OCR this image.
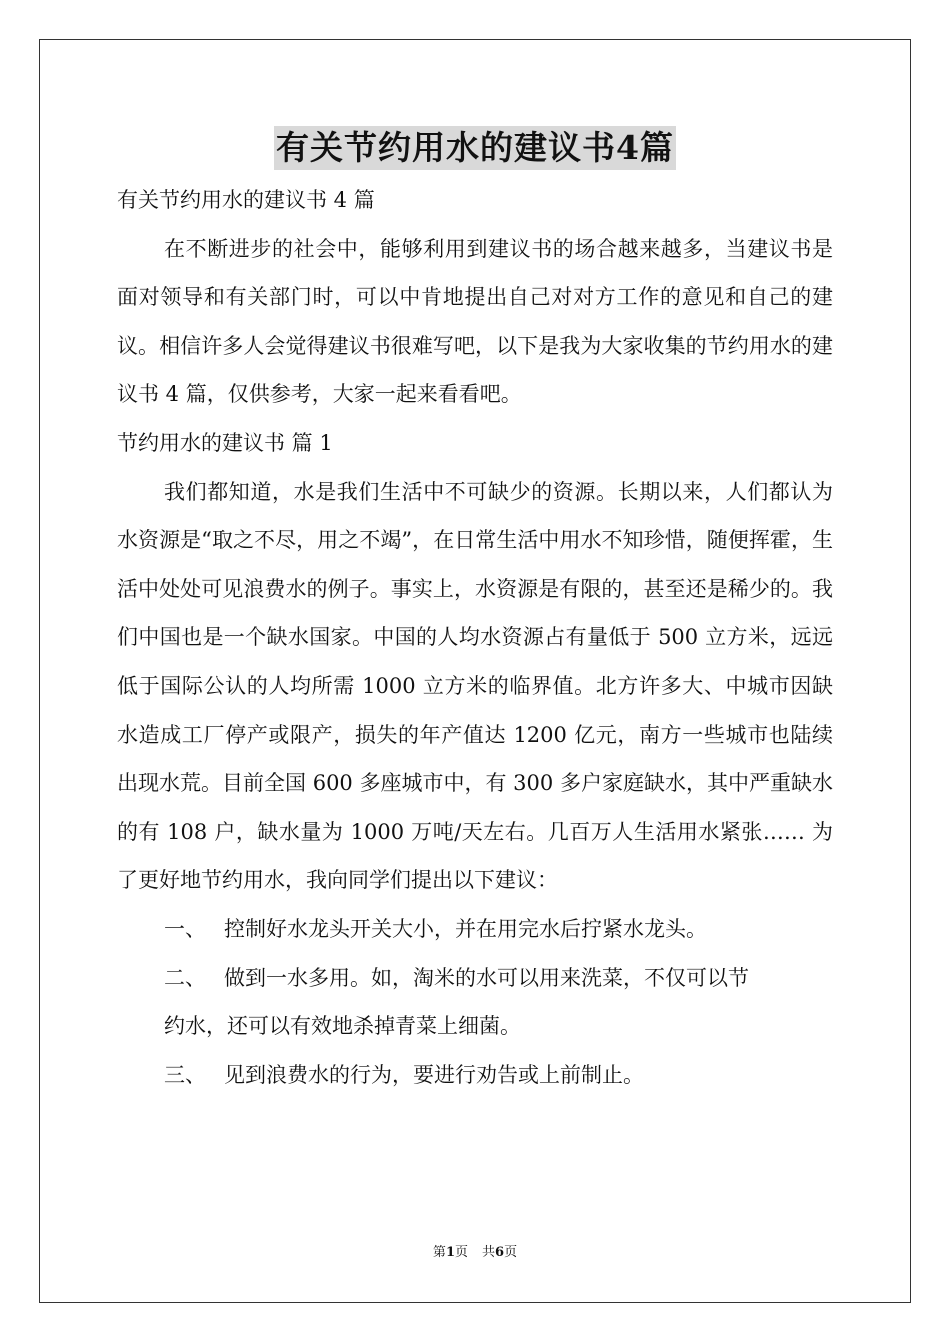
有关节约用水的建议书4篇

有关节约用水的建议书 4 篇

在不断进步的社会中，能够利用到建议书的场合越来越多，当建议书是面对领导和有关部门时，可以中肯地提出自己对对方工作的意见和自己的建议。相信许多人会觉得建议书很难写吧，以下是我为大家收集的节约用水的建议书 4 篇，仅供参考，大家一起来看看吧。

节约用水的建议书 篇 1

我们都知道，水是我们生活中不可缺少的资源。长期以来，人们都认为水资源是“取之不尽，用之不竭”，在日常生活中用水不知珍惜，随便挥霍，生活中处处可见浪费水的例子。事实上，水资源是有限的，甚至还是稀少的。我们中国也是一个缺水国家。中国的人均水资源占有量低于 500 立方米，远远低于国际公认的人均所需 1000 立方米的临界值。北方许多大、中城市因缺水造成工厂停产或限产，损失的年产值达 1200 亿元，南方一些城市也陆续出现水荒。目前全国 600 多座城市中，有 300 多户家庭缺水，其中严重缺水的有 108 户，缺水量为 1000 万吨/天左右。几百万人生活用水紧张…… 为了更好地节约用水，我向同学们提出以下建议：

一、 控制好水龙头开关大小，并在用完水后拧紧水龙头。

二、 做到一水多用。如，淘米的水可以用来洗菜，不仅可以节

约水，还可以有效地杀掉青菜上细菌。

三、 见到浪费水的行为，要进行劝告或上前制止。

第1页 共6页
